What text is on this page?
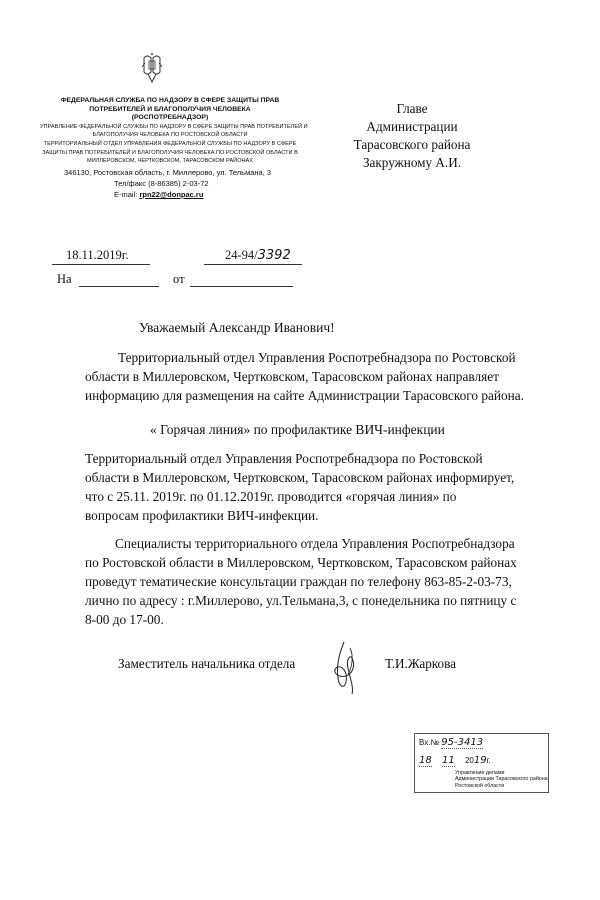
ФЕДЕРАЛЬНАЯ СЛУЖБА ПО НАДЗОРУ В СФЕРЕ ЗАЩИТЫ ПРАВ
ПОТРЕБИТЕЛЕЙ И БЛАГОПОЛУЧИЯ ЧЕЛОВЕКА
(РОСПОТРЕБНАДЗОР)
УПРАВЛЕНИЕ ФЕДЕРАЛЬНОЙ СЛУЖБЫ ПО НАДЗОРУ В СФЕРЕ ЗАЩИТЫ ПРАВ ПОТРЕБИТЕЛЕЙ И
БЛАГОПОЛУЧИЯ ЧЕЛОВЕКА ПО РОСТОВСКОЙ ОБЛАСТИ
ТЕРРИТОРИАЛЬНЫЙ ОТДЕЛ УПРАВЛЕНИЯ ФЕДЕРАЛЬНОЙ СЛУЖБЫ ПО НАДЗОРУ В СФЕРЕ
ЗАЩИТЫ ПРАВ ПОТРЕБИТЕЛЕЙ И БЛАГОПОЛУЧИЯ ЧЕЛОВЕКА ПО РОСТОВСКОЙ ОБЛАСТИ В
МИЛЛЕРОВСКОМ, ЧЕРТКОВСКОМ, ТАРАСОВСКОМ РАЙОНАХ
346130, Ростовская область, г. Миллерово, ул. Тельмана, 3
Тел/факс (8-86385) 2-03-72
E-mail: rpn22@donpac.ru
Главе
Администрации
Тарасовского района
Закружному А.И.
18.11.2019г.	24-94/3392
На	от
Уважаемый Александр Иванович!
Территориальный отдел Управления Роспотребнадзора по Ростовской
области в Миллеровском, Чертковском, Тарасовском районах направляет
информацию для размещения на сайте Администрации Тарасовского района.
« Горячая линия» по профилактике ВИЧ-инфекции
Территориальный отдел Управления Роспотребнадзора по Ростовской
области в Миллеровском, Чертковском, Тарасовском районах информирует,
что с 25.11. 2019г. по 01.12.2019г. проводится «горячая линия» по
вопросам профилактики ВИЧ-инфекции.
Специалисты территориального отдела Управления Роспотребнадзора
по Ростовской области в Миллеровском, Чертковском, Тарасовском районах
проведут тематические консультации граждан по телефону 863-85-2-03-73,
лично по адресу : г.Миллерово, ул.Тельмана,3, с понедельника по пятницу с
8-00 до 17-00.
Заместитель начальника отдела	Т.И.Жаркова
Вх.№ 95-3413
18 11 2019г.
Управление делами
Администрации Тарасовского района
Ростовской области
